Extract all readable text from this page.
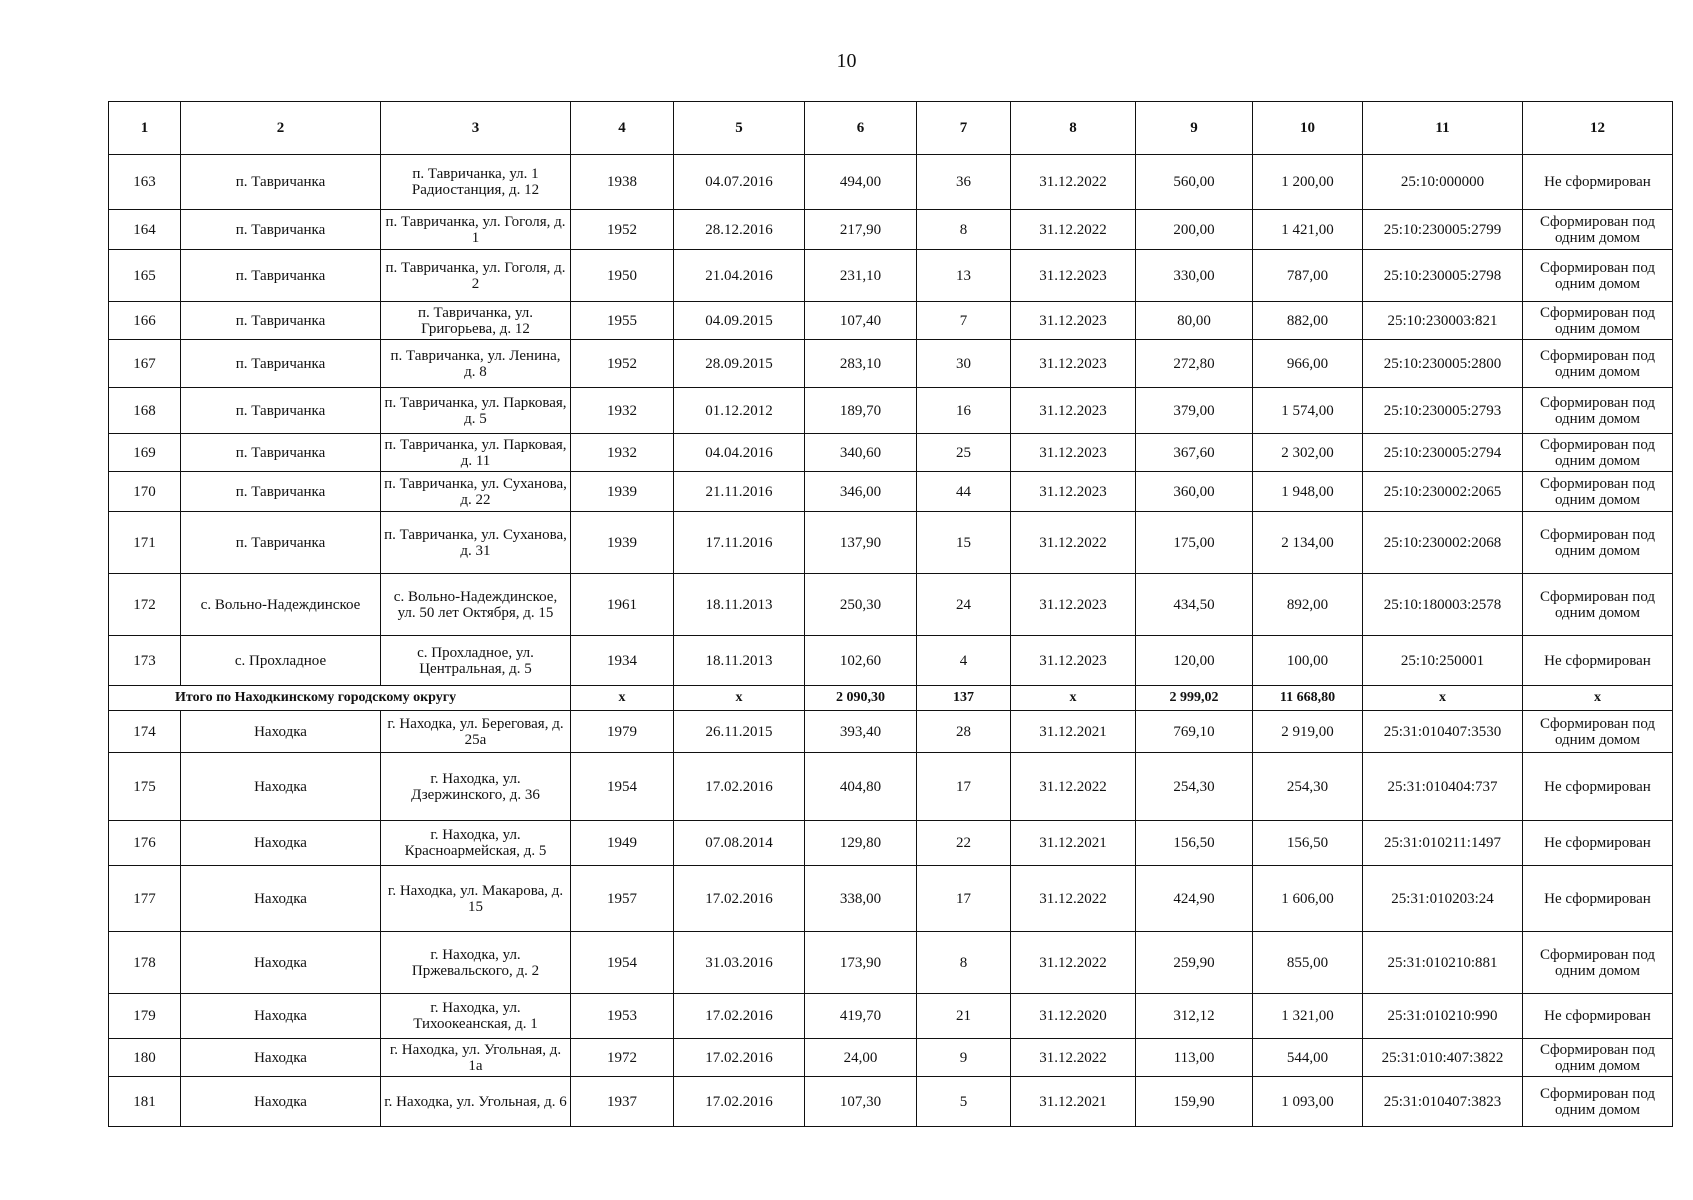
10
1	2	3	4	5	6	7	8	9	10	11	12
163	п. Тавричанка	п. Тавричанка, ул. 1 Радиостанция, д. 12	1938	04.07.2016	494,00	36	31.12.2022	560,00	1 200,00	25:10:000000	Не сформирован
164	п. Тавричанка	п. Тавричанка, ул. Гоголя, д. 1	1952	28.12.2016	217,90	8	31.12.2022	200,00	1 421,00	25:10:230005:2799	Сформирован под одним домом
165	п. Тавричанка	п. Тавричанка, ул. Гоголя, д. 2	1950	21.04.2016	231,10	13	31.12.2023	330,00	787,00	25:10:230005:2798	Сформирован под одним домом
166	п. Тавричанка	п. Тавричанка, ул. Григорьева, д. 12	1955	04.09.2015	107,40	7	31.12.2023	80,00	882,00	25:10:230003:821	Сформирован под одним домом
167	п. Тавричанка	п. Тавричанка, ул. Ленина, д. 8	1952	28.09.2015	283,10	30	31.12.2023	272,80	966,00	25:10:230005:2800	Сформирован под одним домом
168	п. Тавричанка	п. Тавричанка, ул. Парковая, д. 5	1932	01.12.2012	189,70	16	31.12.2023	379,00	1 574,00	25:10:230005:2793	Сформирован под одним домом
169	п. Тавричанка	п. Тавричанка, ул. Парковая, д. 11	1932	04.04.2016	340,60	25	31.12.2023	367,60	2 302,00	25:10:230005:2794	Сформирован под одним домом
170	п. Тавричанка	п. Тавричанка, ул. Суханова, д. 22	1939	21.11.2016	346,00	44	31.12.2023	360,00	1 948,00	25:10:230002:2065	Сформирован под одним домом
171	п. Тавричанка	п. Тавричанка, ул. Суханова, д. 31	1939	17.11.2016	137,90	15	31.12.2022	175,00	2 134,00	25:10:230002:2068	Сформирован под одним домом
172	с. Вольно-Надеждинское	с. Вольно-Надеждинское, ул. 50 лет Октября, д. 15	1961	18.11.2013	250,30	24	31.12.2023	434,50	892,00	25:10:180003:2578	Сформирован под одним домом
173	с. Прохладное	с. Прохладное, ул. Центральная, д. 5	1934	18.11.2013	102,60	4	31.12.2023	120,00	100,00	25:10:250001	Не сформирован
Итого по Находкинскому городскому округу			х	х	2 090,30	137	х	2 999,02	11 668,80	х	х
174	Находка	г. Находка, ул. Береговая, д. 25а	1979	26.11.2015	393,40	28	31.12.2021	769,10	2 919,00	25:31:010407:3530	Сформирован под одним домом
175	Находка	г. Находка, ул. Дзержинского, д. 36	1954	17.02.2016	404,80	17	31.12.2022	254,30	254,30	25:31:010404:737	Не сформирован
176	Находка	г. Находка, ул. Красноармейская, д. 5	1949	07.08.2014	129,80	22	31.12.2021	156,50	156,50	25:31:010211:1497	Не сформирован
177	Находка	г. Находка, ул. Макарова, д. 15	1957	17.02.2016	338,00	17	31.12.2022	424,90	1 606,00	25:31:010203:24	Не сформирован
178	Находка	г. Находка, ул. Пржевальского, д. 2	1954	31.03.2016	173,90	8	31.12.2022	259,90	855,00	25:31:010210:881	Сформирован под одним домом
179	Находка	г. Находка, ул. Тихоокеанская, д. 1	1953	17.02.2016	419,70	21	31.12.2020	312,12	1 321,00	25:31:010210:990	Не сформирован
180	Находка	г. Находка, ул. Угольная, д. 1а	1972	17.02.2016	24,00	9	31.12.2022	113,00	544,00	25:31:010:407:3822	Сформирован под одним домом
181	Находка	г. Находка, ул. Угольная, д. 6	1937	17.02.2016	107,30	5	31.12.2021	159,90	1 093,00	25:31:010407:3823	Сформирован под одним домом
